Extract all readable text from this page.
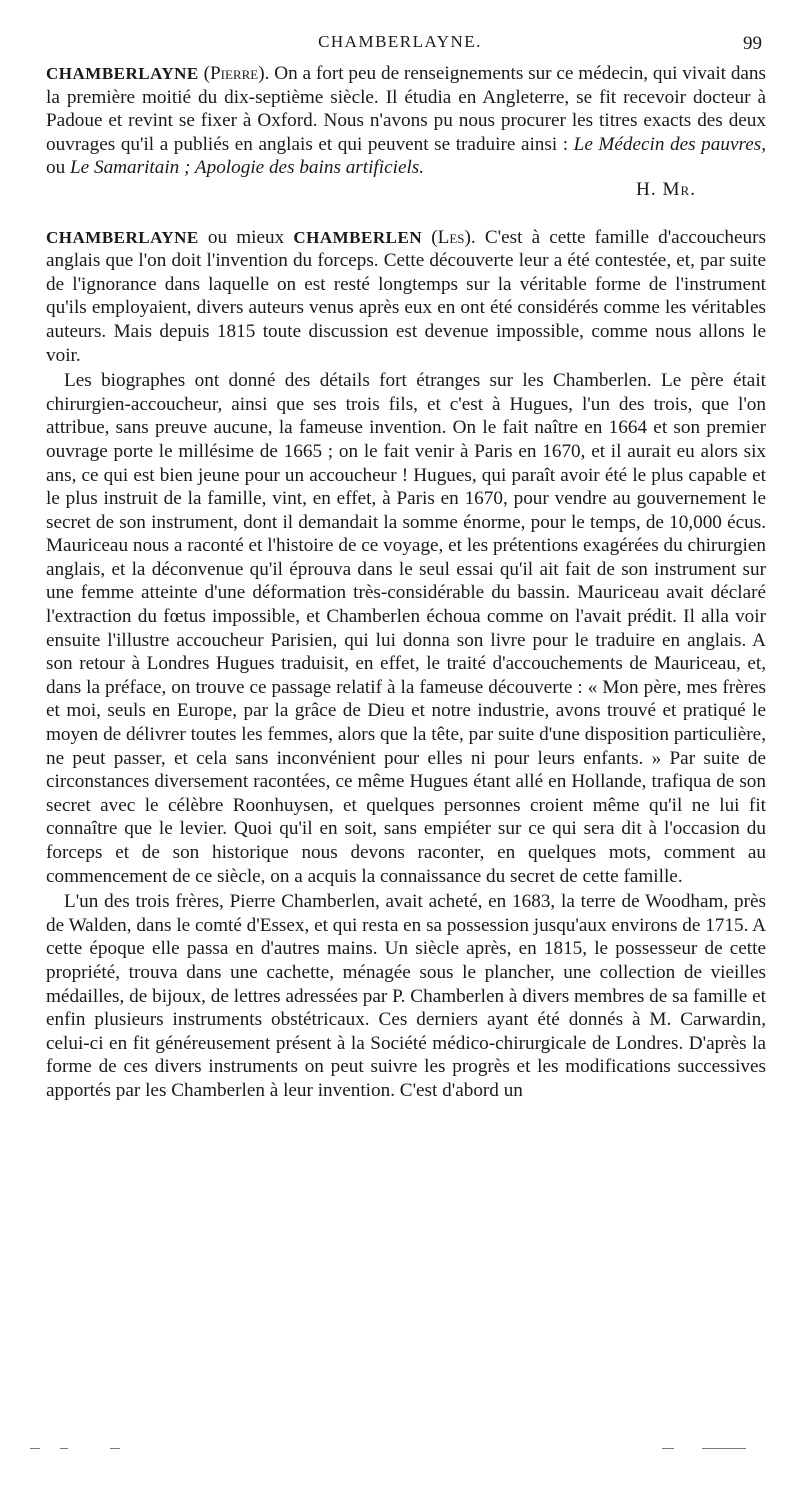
CHAMBERLAYNE.	99

CHAMBERLAYNE (Pierre). On a fort peu de renseignements sur ce médecin, qui vivait dans la première moitié du dix-septième siècle. Il étudia en Angleterre, se fit recevoir docteur à Padoue et revint se fixer à Oxford. Nous n'avons pu nous procurer les titres exacts des deux ouvrages qu'il a publiés en anglais et qui peuvent se traduire ainsi : Le Médecin des pauvres, ou Le Samaritain ; Apologie des bains artificiels.

H. Mr.

CHAMBERLAYNE ou mieux CHAMBERLEN (Les). C'est à cette famille d'accoucheurs anglais que l'on doit l'invention du forceps. Cette découverte leur a été contestée, et, par suite de l'ignorance dans laquelle on est resté longtemps sur la véritable forme de l'instrument qu'ils employaient, divers auteurs venus après eux en ont été considérés comme les véritables auteurs. Mais depuis 1815 toute discussion est devenue impossible, comme nous allons le voir.

Les biographes ont donné des détails fort étranges sur les Chamberlen. Le père était chirurgien-accoucheur, ainsi que ses trois fils, et c'est à Hugues, l'un des trois, que l'on attribue, sans preuve aucune, la fameuse invention. On le fait naître en 1664 et son premier ouvrage porte le millésime de 1665 ; on le fait venir à Paris en 1670, et il aurait eu alors six ans, ce qui est bien jeune pour un accoucheur ! Hugues, qui paraît avoir été le plus capable et le plus instruit de la famille, vint, en effet, à Paris en 1670, pour vendre au gouvernement le secret de son instrument, dont il demandait la somme énorme, pour le temps, de 10,000 écus. Mauriceau nous a raconté et l'histoire de ce voyage, et les prétentions exagérées du chirurgien anglais, et la déconvenue qu'il éprouva dans le seul essai qu'il ait fait de son instrument sur une femme atteinte d'une déformation très-considérable du bassin. Mauriceau avait déclaré l'extraction du fœtus impossible, et Chamberlen échoua comme on l'avait prédit. Il alla voir ensuite l'illustre accoucheur Parisien, qui lui donna son livre pour le traduire en anglais. A son retour à Londres Hugues traduisit, en effet, le traité d'accouchements de Mauriceau, et, dans la préface, on trouve ce passage relatif à la fameuse découverte : « Mon père, mes frères et moi, seuls en Europe, par la grâce de Dieu et notre industrie, avons trouvé et pratiqué le moyen de délivrer toutes les femmes, alors que la tête, par suite d'une disposition particulière, ne peut passer, et cela sans inconvénient pour elles ni pour leurs enfants. » Par suite de circonstances diversement racontées, ce même Hugues étant allé en Hollande, trafiqua de son secret avec le célèbre Roonhuysen, et quelques personnes croient même qu'il ne lui fit connaître que le levier. Quoi qu'il en soit, sans empiéter sur ce qui sera dit à l'occasion du forceps et de son historique nous devons raconter, en quelques mots, comment au commencement de ce siècle, on a acquis la connaissance du secret de cette famille.

L'un des trois frères, Pierre Chamberlen, avait acheté, en 1683, la terre de Woodham, près de Walden, dans le comté d'Essex, et qui resta en sa possession jusqu'aux environs de 1715. A cette époque elle passa en d'autres mains. Un siècle après, en 1815, le possesseur de cette propriété, trouva dans une cachette, ménagée sous le plancher, une collection de vieilles médailles, de bijoux, de lettres adressées par P. Chamberlen à divers membres de sa famille et enfin plusieurs instruments obstétricaux. Ces derniers ayant été donnés à M. Carwardin, celui-ci en fit généreusement présent à la Société médico-chirurgicale de Londres. D'après la forme de ces divers instruments on peut suivre les progrès et les modifications successives apportés par les Chamberlen à leur invention. C'est d'abord un
